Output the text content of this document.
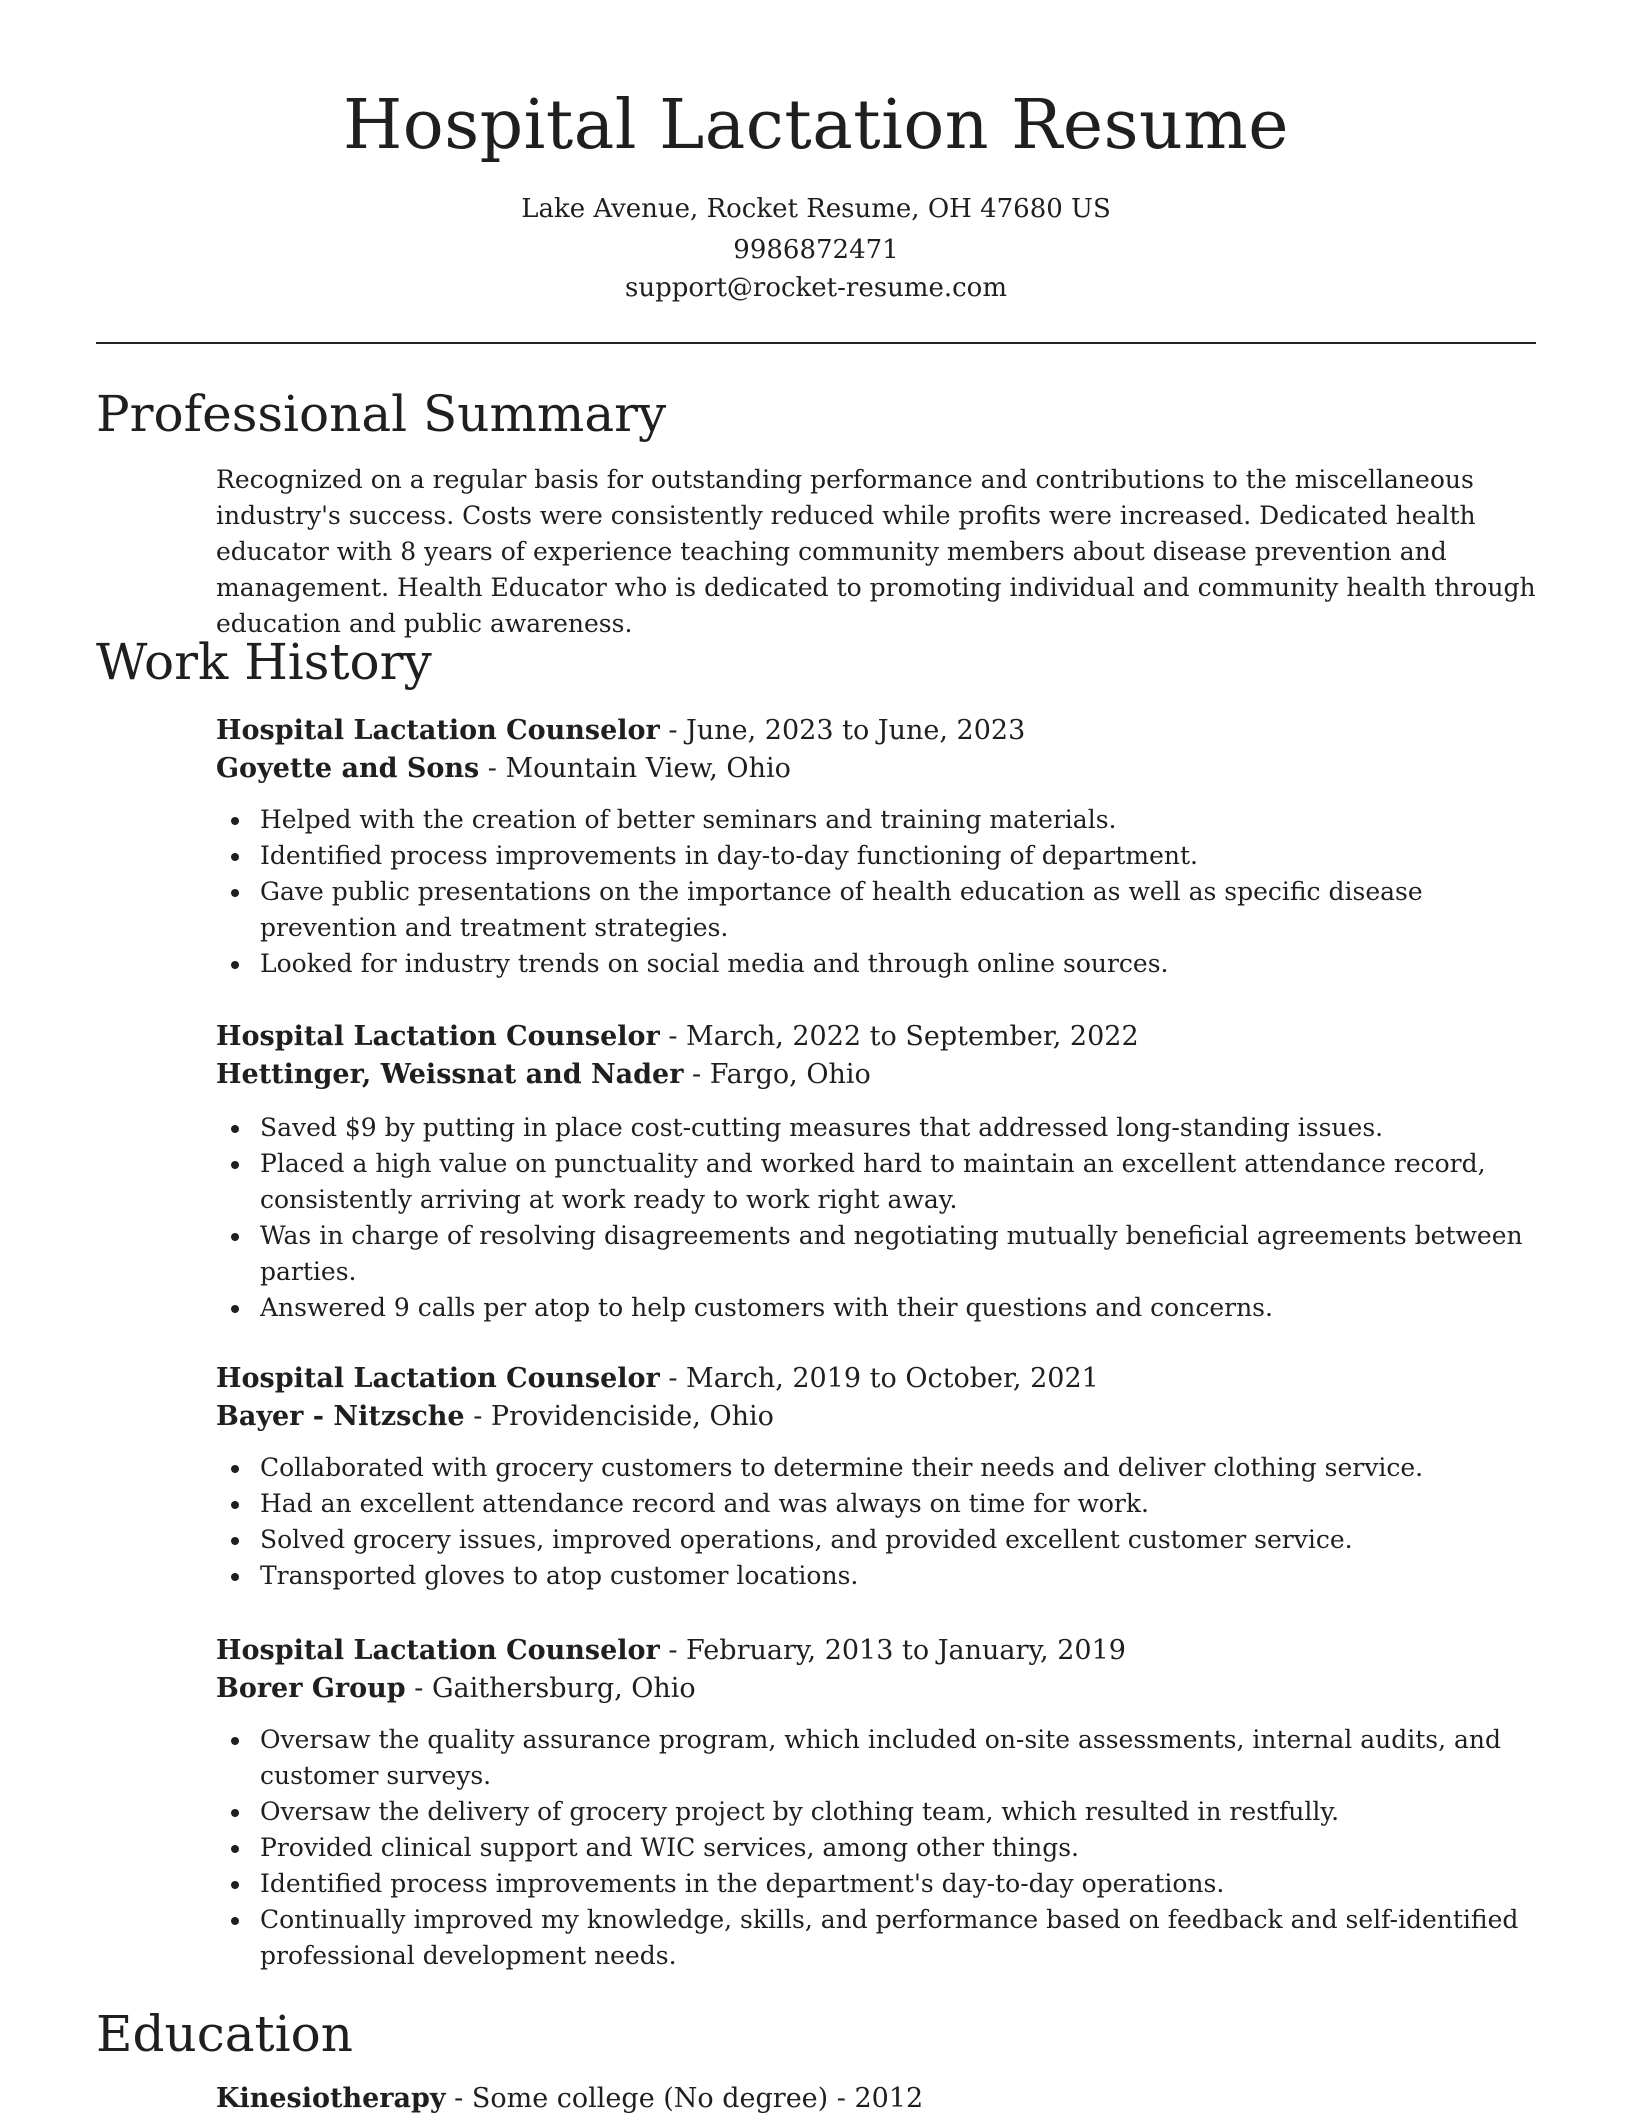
Hospital Lactation Resume
Lake Avenue, Rocket Resume, OH 47680 US
9986872471
support@rocket-resume.com
Professional Summary

Recognized on a regular basis for outstanding performance and contributions to the miscellaneous industry's success. Costs were consistently reduced while profits were increased. Dedicated health educator with 8 years of experience teaching community members about disease prevention and management. Health Educator who is dedicated to promoting individual and community health through education and public awareness.

Work History
Hospital Lactation Counselor - June, 2023 to June, 2023
Goyette and Sons - Mountain View, Ohio
Helped with the creation of better seminars and training materials.
Identified process improvements in day-to-day functioning of department.
Gave public presentations on the importance of health education as well as specific disease prevention and treatment strategies.
Looked for industry trends on social media and through online sources.
Hospital Lactation Counselor - March, 2022 to September, 2022
Hettinger, Weissnat and Nader - Fargo, Ohio
Saved $9 by putting in place cost-cutting measures that addressed long-standing issues.
Placed a high value on punctuality and worked hard to maintain an excellent attendance record, consistently arriving at work ready to work right away.
Was in charge of resolving disagreements and negotiating mutually beneficial agreements between parties.
Answered 9 calls per atop to help customers with their questions and concerns.
Hospital Lactation Counselor - March, 2019 to October, 2021
Bayer - Nitzsche - Providenciside, Ohio
Collaborated with grocery customers to determine their needs and deliver clothing service.
Had an excellent attendance record and was always on time for work.
Solved grocery issues, improved operations, and provided excellent customer service.
Transported gloves to atop customer locations.
Hospital Lactation Counselor - February, 2013 to January, 2019
Borer Group - Gaithersburg, Ohio
Oversaw the quality assurance program, which included on-site assessments, internal audits, and customer surveys.
Oversaw the delivery of grocery project by clothing team, which resulted in restfully.
Provided clinical support and WIC services, among other things.
Identified process improvements in the department's day-to-day operations.
Continually improved my knowledge, skills, and performance based on feedback and self-identified professional development needs.
Education
Kinesiotherapy - Some college (No degree) - 2012
